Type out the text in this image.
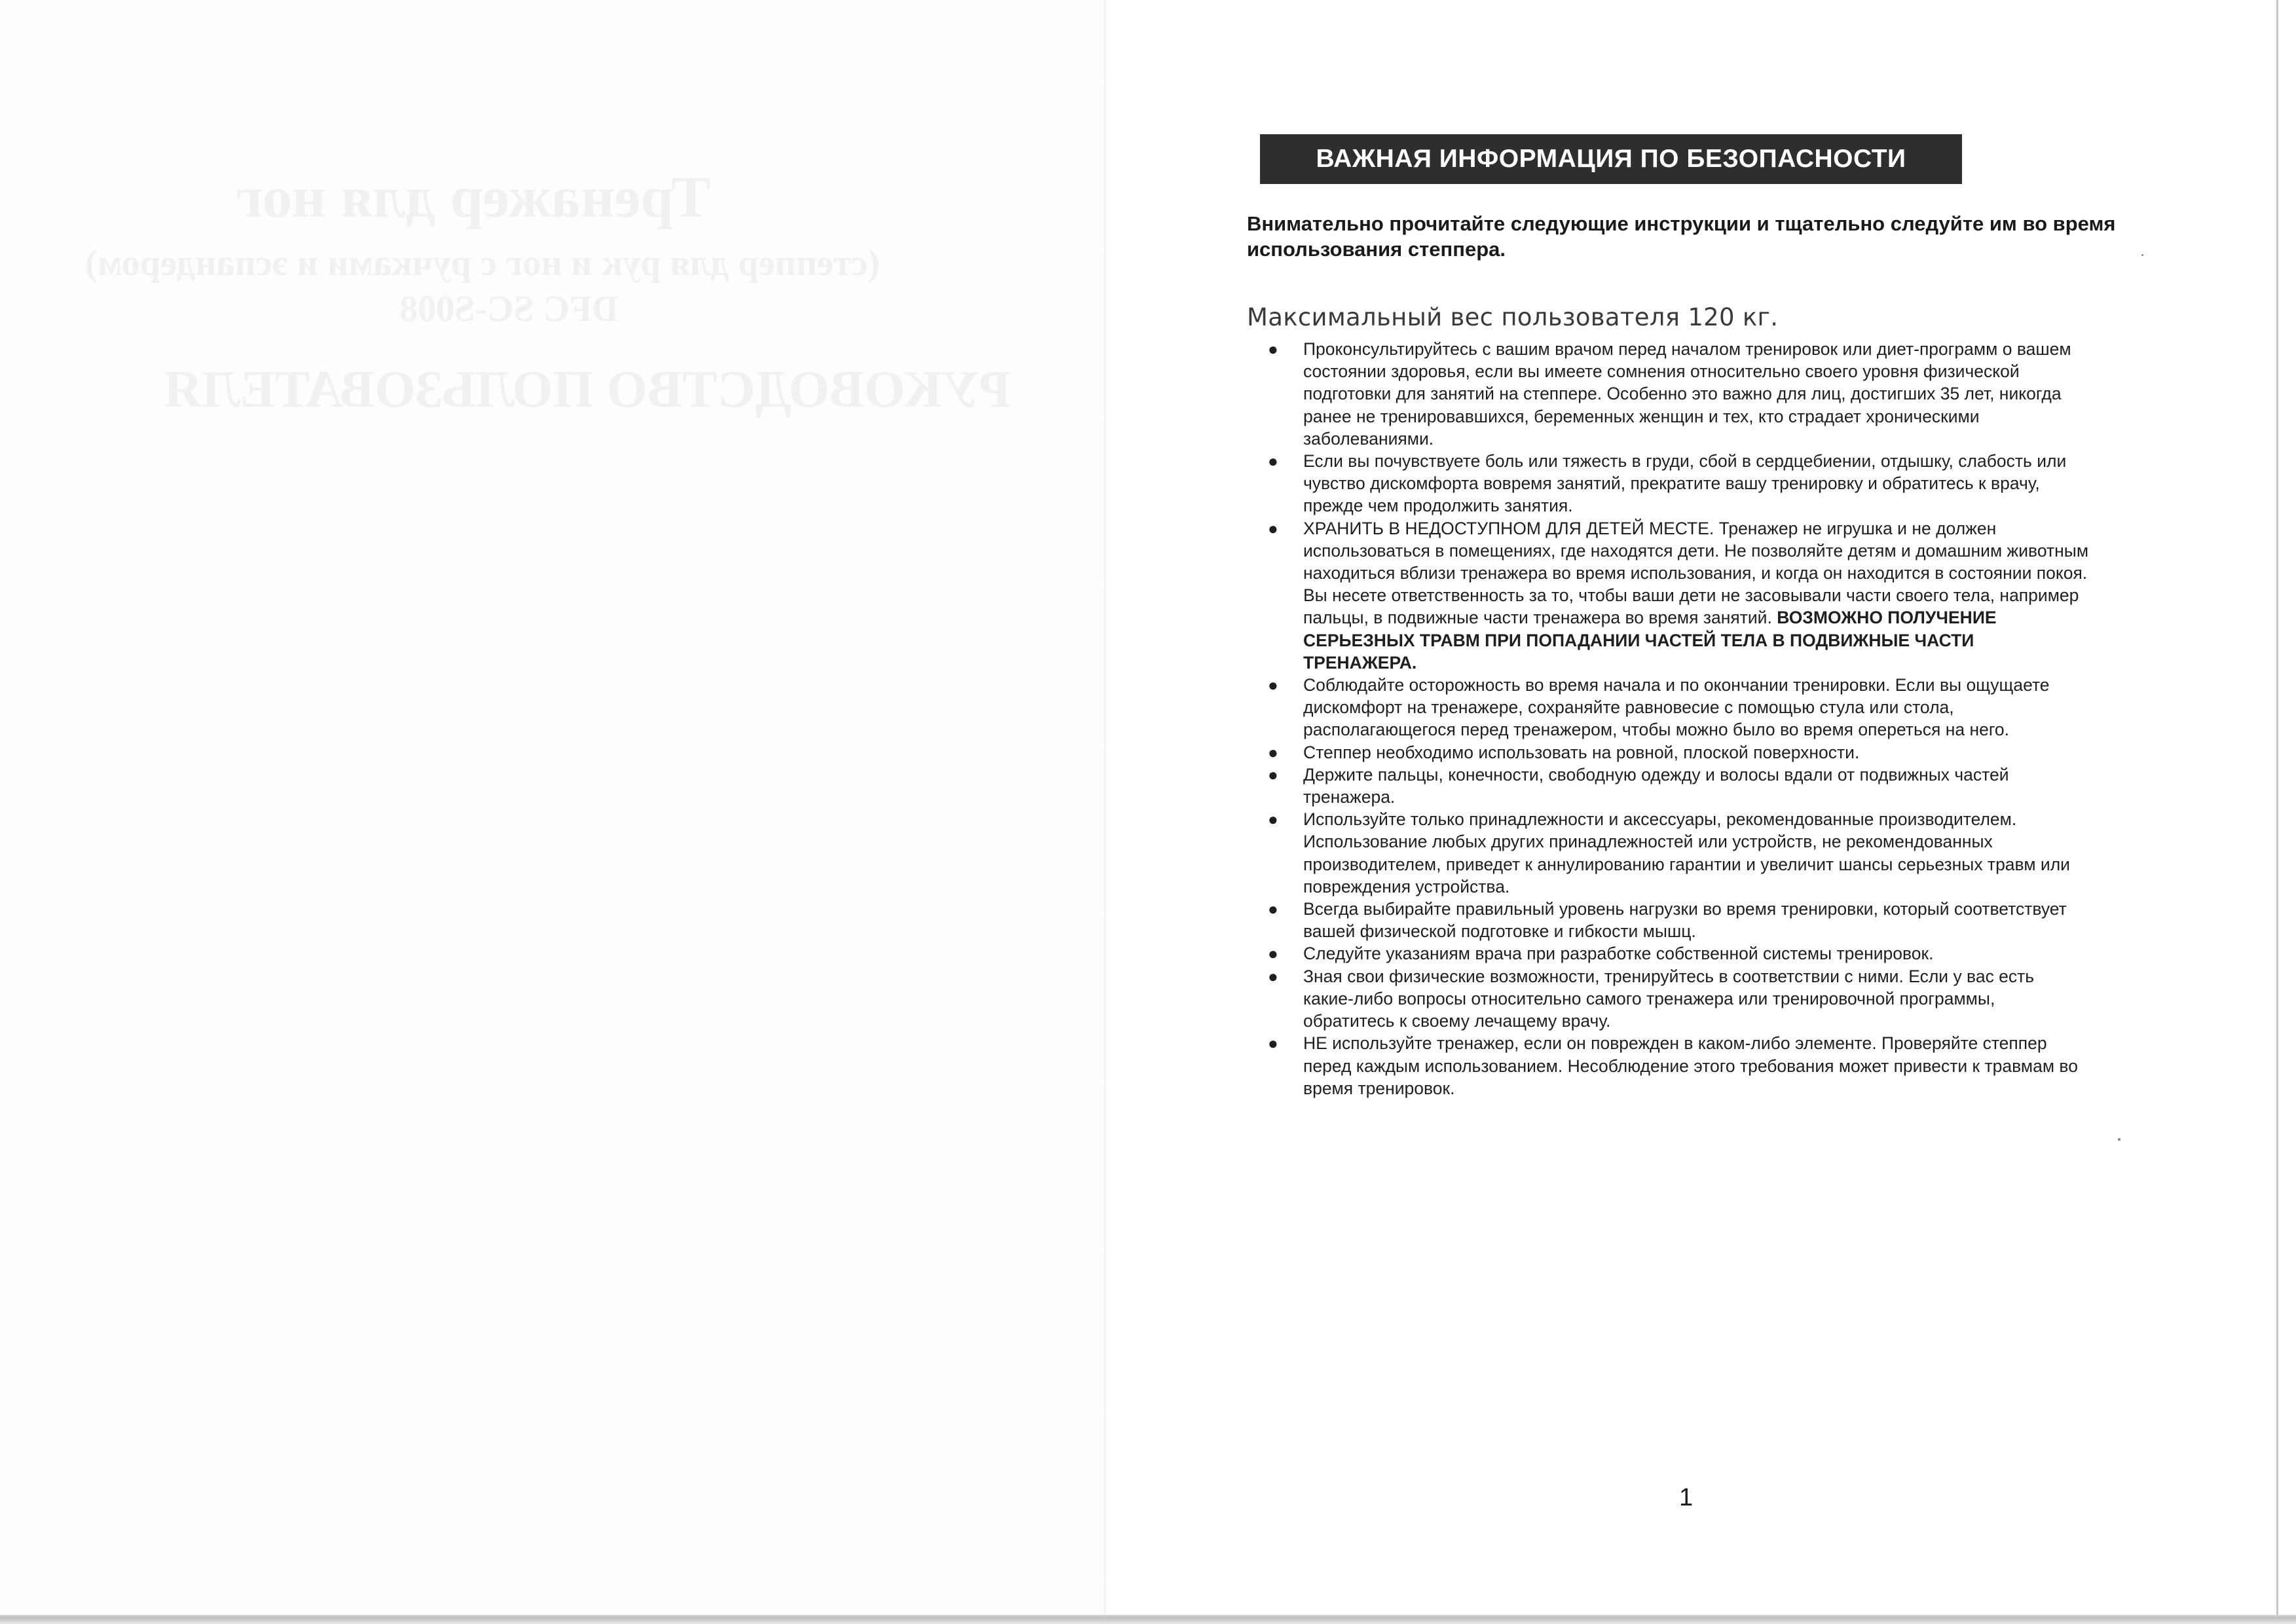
Тренажер для ног
(степпер для рук и ног с ручками и эспандером)
DFC SC-S008
РУКОВОДСТВО ПОЛЬЗОВАТЕЛЯ
ВАЖНАЯ ИНФОРМАЦИЯ ПО БЕЗОПАСНОСТИ
Внимательно прочитайте следующие инструкции и тщательно следуйте им во время использования степпера.
Максимальный вес пользователя 120 кг.
● Проконсультируйтесь с вашим врачом перед началом тренировок или диет-программ о вашем состоянии здоровья, если вы имеете сомнения относительно своего уровня физической подготовки для занятий на степпере. Особенно это важно для лиц, достигших 35 лет, никогда ранее не тренировавшихся, беременных женщин и тех, кто страдает хроническими заболеваниями.
● Если вы почувствуете боль или тяжесть в груди, сбой в сердцебиении, отдышку, слабость или чувство дискомфорта вовремя занятий, прекратите вашу тренировку и обратитесь к врачу, прежде чем продолжить занятия.
● ХРАНИТЬ В НЕДОСТУПНОМ ДЛЯ ДЕТЕЙ МЕСТЕ. Тренажер не игрушка и не должен использоваться в помещениях, где находятся дети. Не позволяйте детям и домашним животным находиться вблизи тренажера во время использования, и когда он находится в состоянии покоя. Вы несете ответственность за то, чтобы ваши дети не засовывали части своего тела, например пальцы, в подвижные части тренажера во время занятий. ВОЗМОЖНО ПОЛУЧЕНИЕ СЕРЬЕЗНЫХ ТРАВМ ПРИ ПОПАДАНИИ ЧАСТЕЙ ТЕЛА В ПОДВИЖНЫЕ ЧАСТИ ТРЕНАЖЕРА.
● Соблюдайте осторожность во время начала и по окончании тренировки. Если вы ощущаете дискомфорт на тренажере, сохраняйте равновесие с помощью стула или стола, располагающегося перед тренажером, чтобы можно было во время опереться на него.
● Степпер необходимо использовать на ровной, плоской поверхности.
● Держите пальцы, конечности, свободную одежду и волосы вдали от подвижных частей тренажера.
● Используйте только принадлежности и аксессуары, рекомендованные производителем. Использование любых других принадлежностей или устройств, не рекомендованных производителем, приведет к аннулированию гарантии и увеличит шансы серьезных травм или повреждения устройства.
● Всегда выбирайте правильный уровень нагрузки во время тренировки, который соответствует вашей физической подготовке и гибкости мышц.
● Следуйте указаниям врача при разработке собственной системы тренировок.
● Зная свои физические возможности, тренируйтесь в соответствии с ними. Если у вас есть какие-либо вопросы относительно самого тренажера или тренировочной программы, обратитесь к своему лечащему врачу.
● НЕ используйте тренажер, если он поврежден в каком-либо элементе. Проверяйте степпер перед каждым использованием. Несоблюдение этого требования может привести к травмам во время тренировок.
1
